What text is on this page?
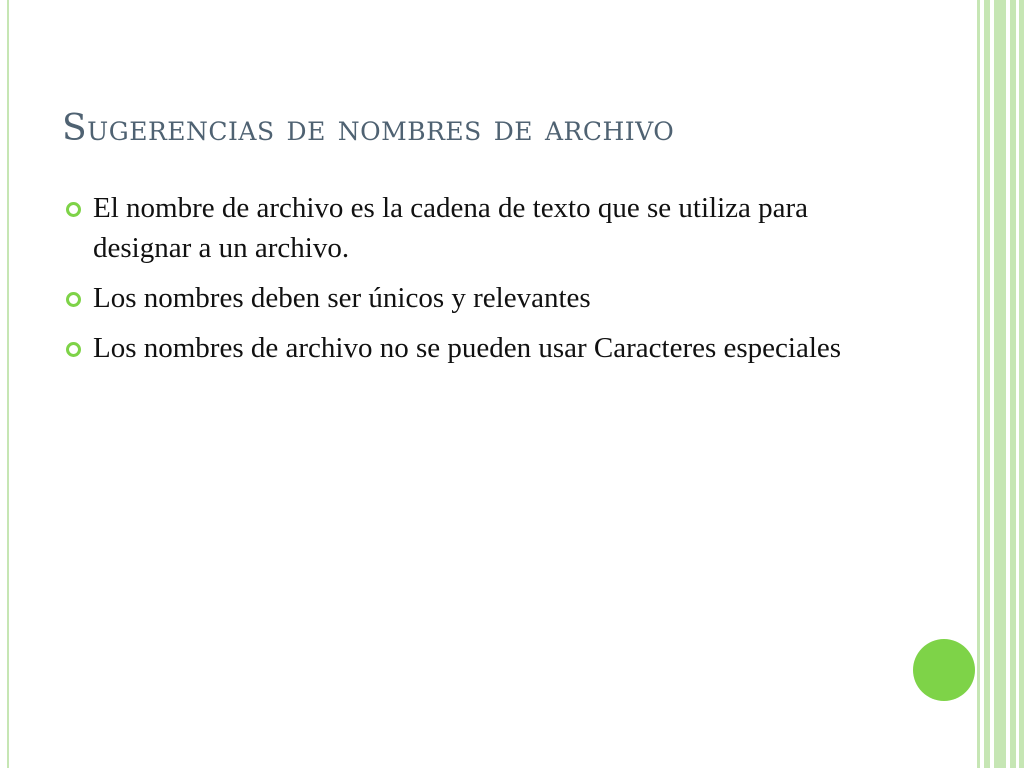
Sugerencias de nombres de archivo
El nombre de archivo es la cadena de texto que se utiliza para designar a un archivo.
Los nombres deben ser únicos y relevantes
Los nombres de archivo no se pueden usar Caracteres especiales
